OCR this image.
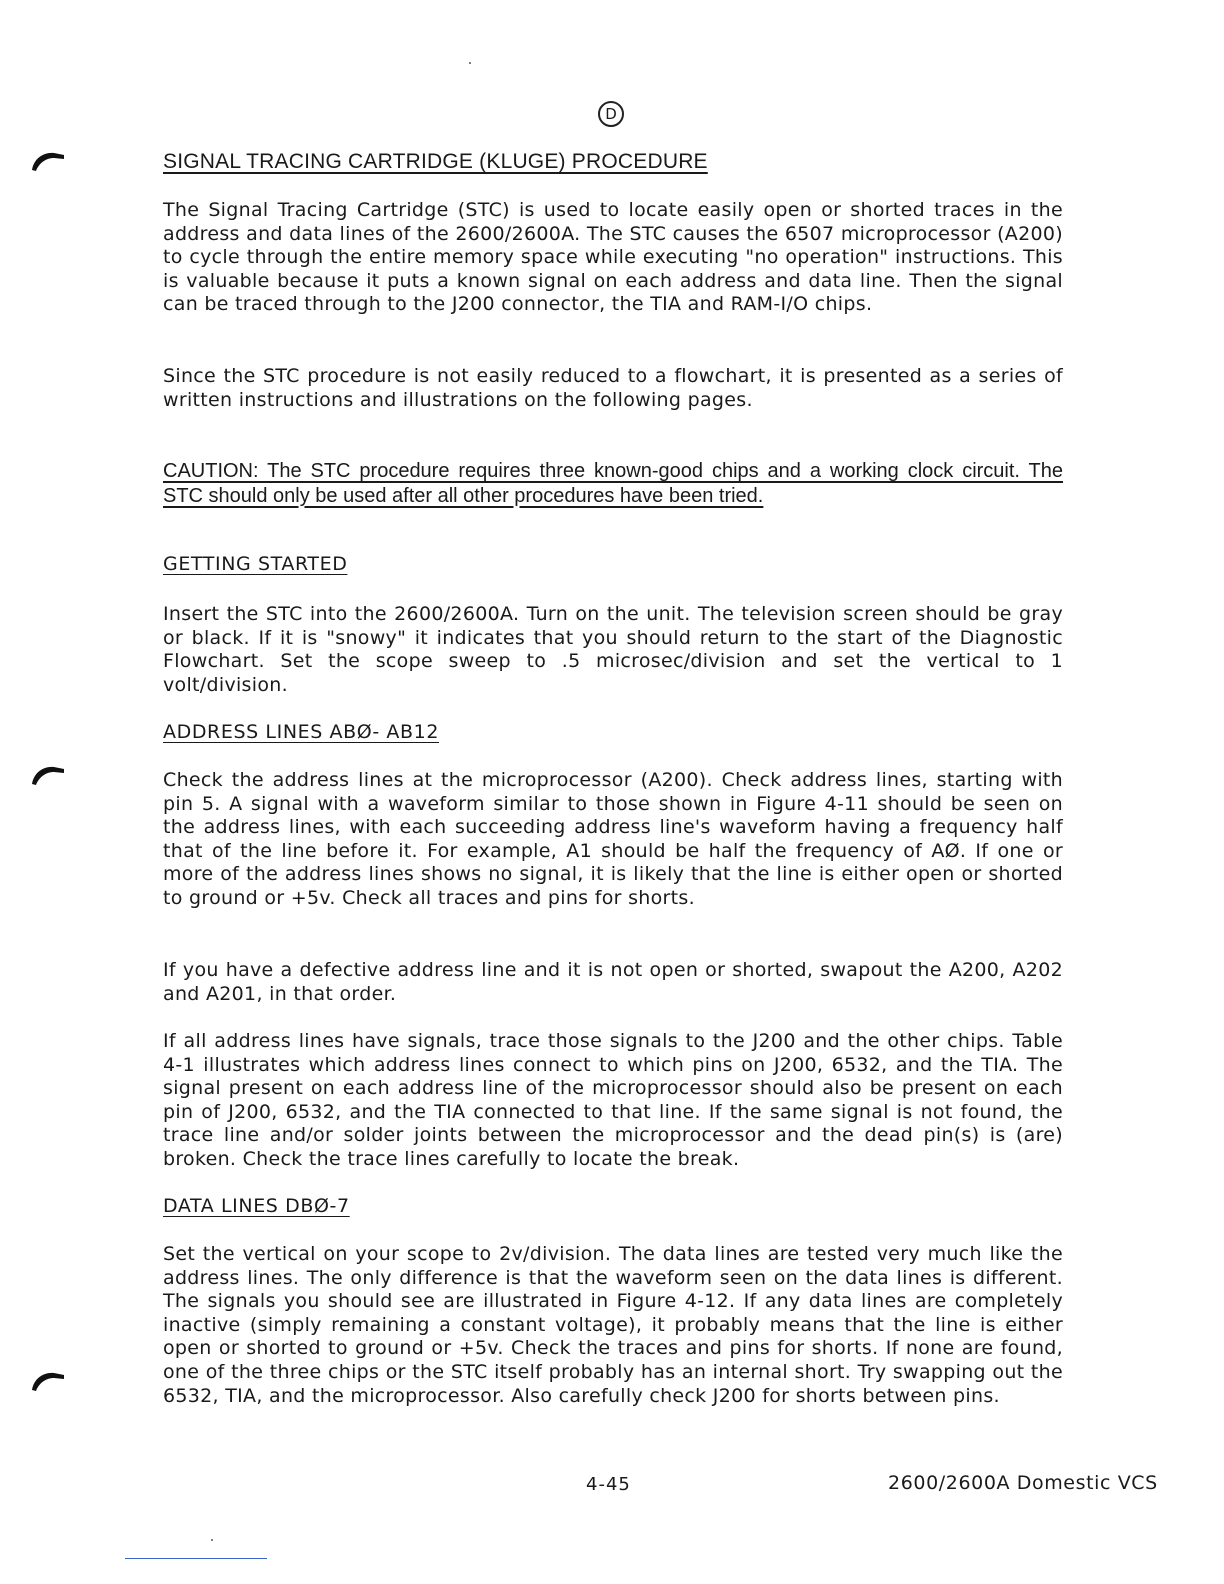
D
SIGNAL TRACING CARTRIDGE (KLUGE) PROCEDURE

The Signal Tracing Cartridge (STC) is used to locate easily open or shorted traces in the address and data lines of the 2600/2600A. The STC causes the 6507 microprocessor (A200) to cycle through the entire memory space while executing "no operation" instructions. This is valuable because it puts a known signal on each address and data line. Then the signal can be traced through to the J200 connector, the TIA and RAM-I/O chips.

Since the STC procedure is not easily reduced to a flowchart, it is presented as a series of written instructions and illustrations on the following pages.

CAUTION: The STC procedure requires three known-good chips and a working clock circuit. The STC should only be used after all other procedures have been tried.

GETTING STARTED

Insert the STC into the 2600/2600A. Turn on the unit. The television screen should be gray or black. If it is "snowy" it indicates that you should return to the start of the Diagnostic Flowchart. Set the scope sweep to .5 microsec/division and set the vertical to 1 volt/division.

ADDRESS LINES ABØ- AB12

Check the address lines at the microprocessor (A200). Check address lines, starting with pin 5. A signal with a waveform similar to those shown in Figure 4-11 should be seen on the address lines, with each succeeding address line's waveform having a frequency half that of the line before it. For example, A1 should be half the frequency of AØ. If one or more of the address lines shows no signal, it is likely that the line is either open or shorted to ground or +5v. Check all traces and pins for shorts.

If you have a defective address line and it is not open or shorted, swapout the A200, A202 and A201, in that order.

If all address lines have signals, trace those signals to the J200 and the other chips. Table 4-1 illustrates which address lines connect to which pins on J200, 6532, and the TIA. The signal present on each address line of the microprocessor should also be present on each pin of J200, 6532, and the TIA connected to that line. If the same signal is not found, the trace line and/or solder joints between the microprocessor and the dead pin(s) is (are) broken. Check the trace lines carefully to locate the break.

DATA LINES DBØ-7

Set the vertical on your scope to 2v/division. The data lines are tested very much like the address lines. The only difference is that the waveform seen on the data lines is different. The signals you should see are illustrated in Figure 4-12. If any data lines are completely inactive (simply remaining a constant voltage), it probably means that the line is either open or shorted to ground or +5v. Check the traces and pins for shorts. If none are found, one of the three chips or the STC itself probably has an internal short. Try swapping out the 6532, TIA, and the microprocessor. Also carefully check J200 for shorts between pins.

4-45	2600/2600A Domestic VCS
